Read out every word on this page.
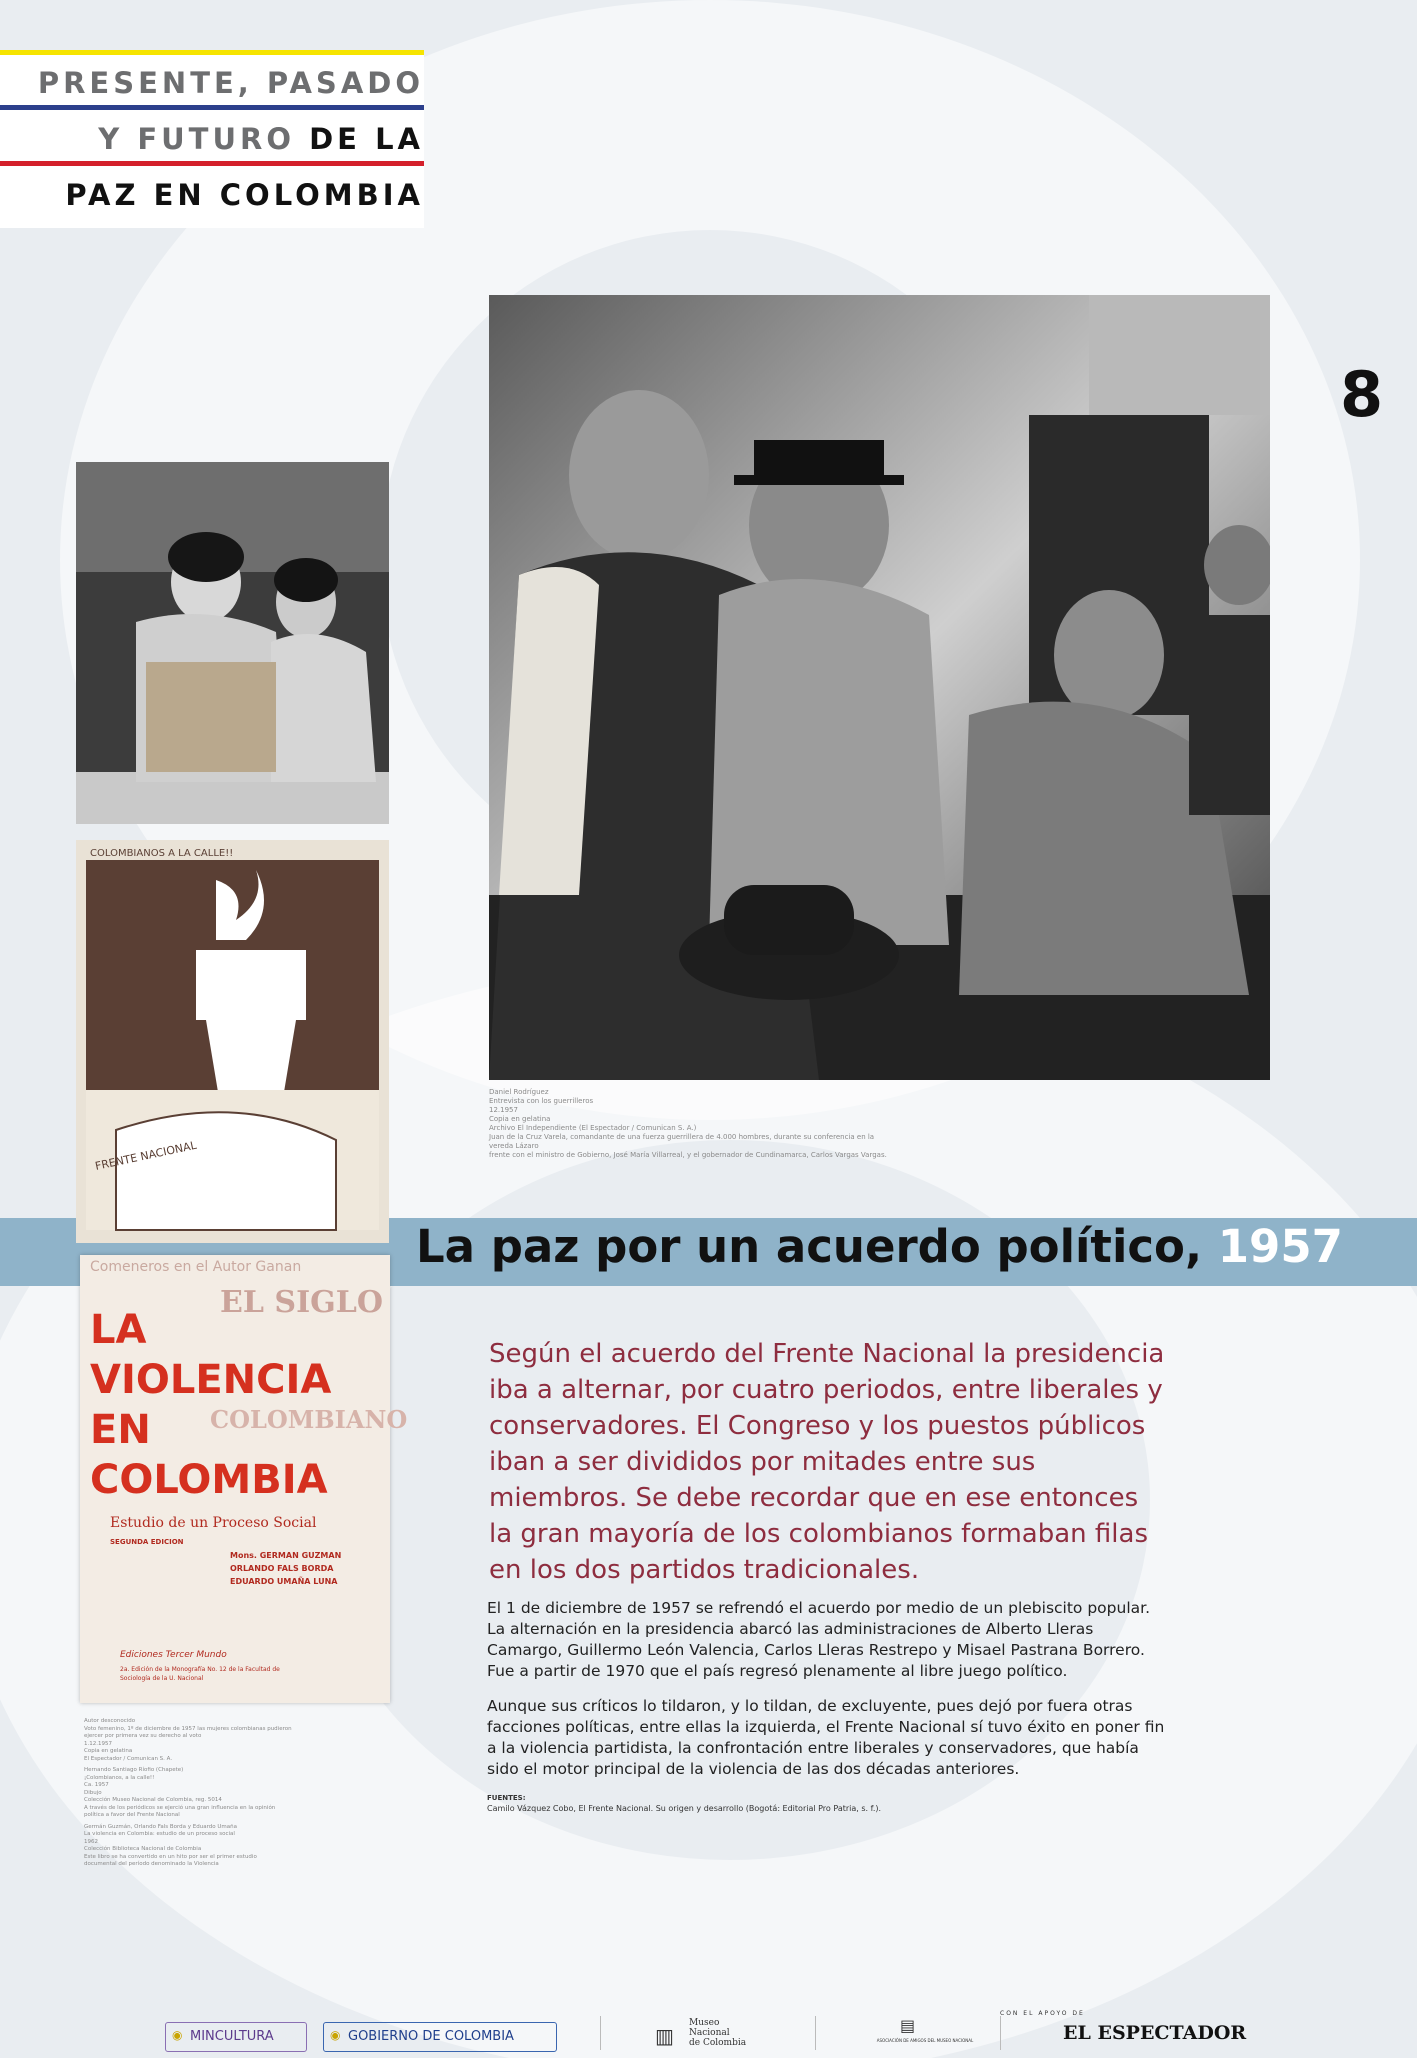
PRESENTE, PASADO
Y FUTURO DE LA
PAZ EN COLOMBIA
8
Daniel Rodríguez
Entrevista con los guerrilleros
12.1957
Copia en gelatina
Archivo El Independiente (El Espectador / Comunican S. A.)
Juan de la Cruz Varela, comandante de una fuerza guerrillera de 4.000 hombres, durante su conferencia en la vereda Lázaro
frente con el ministro de Gobierno, José María Villarreal, y el gobernador de Cundinamarca, Carlos Vargas Vargas.
COLOMBIANOS A LA CALLE!!
FRENTE NACIONAL
Comeneros en el Autor Ganan
EL SIGLO
LA
VIOLENCIA
EN COLOMBIANO
COLOMBIA
Estudio de un Proceso Social
SEGUNDA EDICION
Mons. GERMAN GUZMAN
ORLANDO FALS BORDA
EDUARDO UMAÑA LUNA
Ediciones Tercer Mundo
2a. Edición de la Monografía No. 12 de la Facultad de Sociología de la U. Nacional
Autor desconocido
Voto femenino, 1º de diciembre de 1957 las mujeres colombianas pudieron
ejercer por primera vez su derecho al voto
1.12.1957
Copia en gelatina
El Espectador / Comunican S. A.
Hernando Santiago Ríofio (Chapete)
¡Colombianos, a la calle!!
Ca. 1957
Dibujo
Colección Museo Nacional de Colombia, reg. 5014
A través de los periódicos se ejerció una gran influencia en la opinión
política a favor del Frente Nacional
Germán Guzmán, Orlando Fals Borda y Eduardo Umaña
La violencia en Colombia: estudio de un proceso social
1962
Colección Biblioteca Nacional de Colombia
Este libro se ha convertido en un hito por ser el primer estudio
documental del período denominado la Violencia
La paz por un acuerdo político, 1957
Según el acuerdo del Frente Nacional la presidencia iba a alternar, por cuatro periodos, entre liberales y conservadores. El Congreso y los puestos públicos iban a ser divididos por mitades entre sus miembros. Se debe recordar que en ese entonces la gran mayoría de los colombianos formaban filas en los dos partidos tradicionales.
El 1 de diciembre de 1957 se refrendó el acuerdo por medio de un plebiscito popular. La alternación en la presidencia abarcó las administraciones de Alberto Lleras Camargo, Guillermo León Valencia, Carlos Lleras Restrepo y Misael Pastrana Borrero. Fue a partir de 1970 que el país regresó plenamente al libre juego político.
Aunque sus críticos lo tildaron, y lo tildan, de excluyente, pues dejó por fuera otras facciones políticas, entre ellas la izquierda, el Frente Nacional sí tuvo éxito en poner fin a la violencia partidista, la confrontación entre liberales y conservadores, que había sido el motor principal de la violencia de las dos décadas anteriores.
FUENTES:
Camilo Vázquez Cobo, El Frente Nacional. Su origen y desarrollo (Bogotá: Editorial Pro Patria, s. f.).
◉ MINCULTURA	◉ GOBIERNO DE COLOMBIA	▥
Museo
Nacional
de Colombia
▤
ASOCIACIÓN DE AMIGOS DEL MUSEO NACIONAL
CON EL APOYO DE
EL ESPECTADOR
